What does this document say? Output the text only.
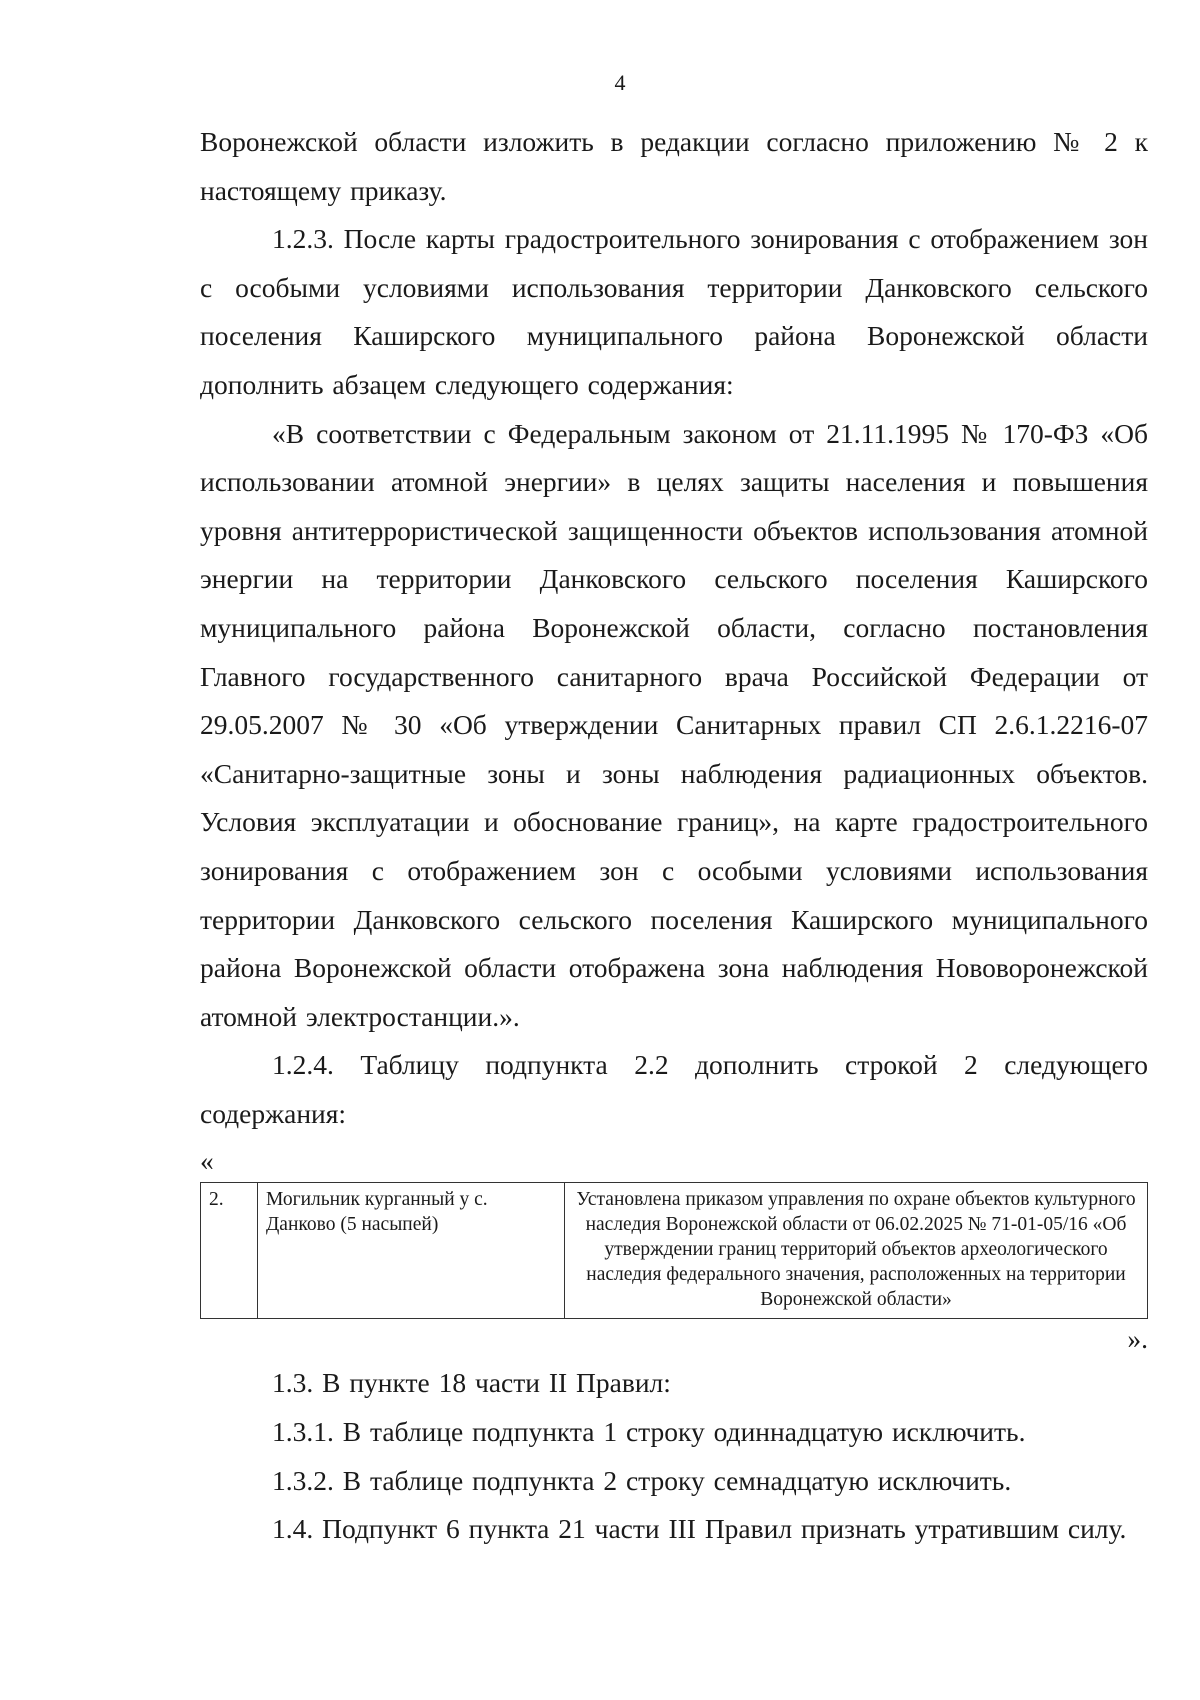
4

Воронежской области изложить в редакции согласно приложению № 2 к

настоящему приказу.

1.2.3. После карты градостроительного зонирования с отображением зон с особыми условиями использования территории Данковского сельского поселения Каширского муниципального района Воронежской области дополнить абзацем следующего содержания:

«В соответствии с Федеральным законом от 21.11.1995 № 170-ФЗ «Об использовании атомной энергии» в целях защиты населения и повышения уровня антитеррористической защищенности объектов использования атомной энергии на территории Данковского сельского поселения Каширского муниципального района Воронежской области, согласно постановления Главного государственного санитарного врача Российской Федерации от 29.05.2007 № 30 «Об утверждении Санитарных правил СП 2.6.1.2216-07 «Санитарно-защитные зоны и зоны наблюдения радиационных объектов. Условия эксплуатации и обоснование границ», на карте градостроительного зонирования с отображением зон с особыми условиями использования территории Данковского сельского поселения Каширского муниципального района Воронежской области отображена зона наблюдения Нововоронежской атомной электростанции.».

1.2.4. Таблицу подпункта 2.2 дополнить строкой 2 следующего содержания:

«
2.	Могильник курганный у с. Данково (5 насыпей)	Установлена приказом управления по охране объектов культурного наследия Воронежской области от 06.02.2025 № 71-01-05/16 «Об утверждении границ территорий объектов археологического наследия федерального значения, расположенных на территории Воронежской области»
».

1.3. В пункте 18 части II Правил:

1.3.1. В таблице подпункта 1 строку одиннадцатую исключить.

1.3.2. В таблице подпункта 2 строку семнадцатую исключить.

1.4. Подпункт 6 пункта 21 части III Правил признать утратившим силу.
